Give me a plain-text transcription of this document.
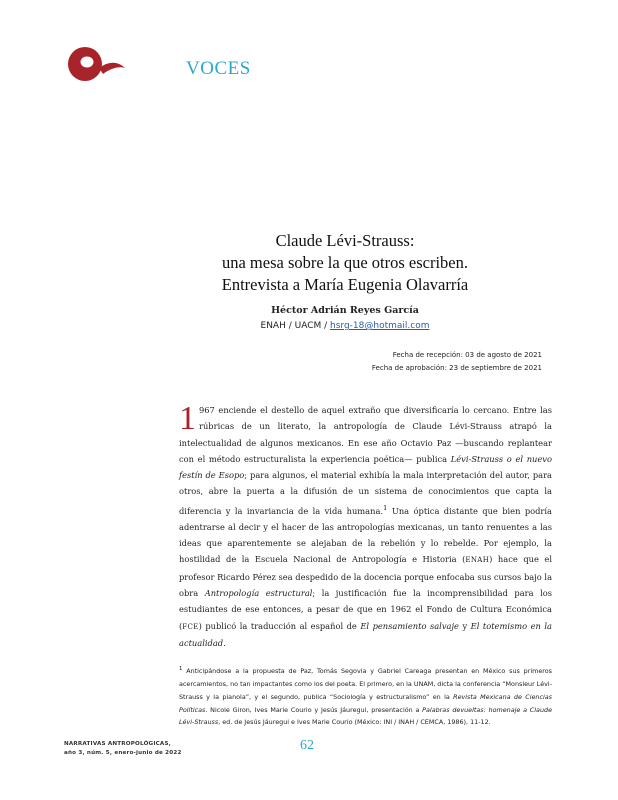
VOCES
Claude Lévi-Strauss:
una mesa sobre la que otros escriben.
Entrevista a María Eugenia Olavarría
Héctor Adrián Reyes García
ENAH / UACM / hsrg-18@hotmail.com
Fecha de recepción: 03 de agosto de 2021
Fecha de aprobación: 23 de septiembre de 2021
1 967 enciende el destello de aquel extraño que diversificaría lo cercano. Entre las rúbricas de un literato, la antropología de Claude Lévi-Strauss atrapó la intelectualidad de algunos mexicanos. En ese año Octavio Paz —buscando replantear con el método estructuralista la experiencia poética— publica Lévi-Strauss o el nuevo festín de Esopo; para algunos, el material exhibía la mala interpretación del autor, para otros, abre la puerta a la difusión de un sistema de conocimientos que capta la diferencia y la invariancia de la vida humana.$^1$ Una óptica distante que bien podría adentrarse al decir y el hacer de las antropologías mexicanas, un tanto renuentes a las ideas que aparentemente se alejaban de la rebelión y lo rebelde. Por ejemplo, la hostilidad de la Escuela Nacional de Antropología e Historia (ENAH) hace que el profesor Ricardo Pérez sea despedido de la docencia porque enfocaba sus cursos bajo la obra Antropología estructural; la justificación fue la incomprensibilidad para los estudiantes de ese entonces, a pesar de que en 1962 el Fondo de Cultura Económica (FCE) publicó la traducción al español de El pensamiento salvaje y El totemismo en la actualidad.
$^1$ Anticipándose a la propuesta de Paz, Tomás Segovia y Gabriel Careaga presentan en México sus primeros acercamientos, no tan impactantes como los del poeta. El primero, en la UNAM, dicta la conferencia “Monsieur Lévi-Strauss y la pianola”, y el segundo, publica “Sociología y estructuralismo” en la Revista Mexicana de Ciencias Políticas. Nicole Giron, Ives Marie Courio y Jesús Jáuregui, presentación a Palabras devueltas: homenaje a Claude Lévi-Strauss, ed. de Jesús Jáuregui e Ives Marie Courio (México: INI / INAH / CEMCA, 1986), 11-12.
NARRATIVAS ANTROPOLÓGICAS,
año 3, núm. 5, enero-junio de 2022	62
